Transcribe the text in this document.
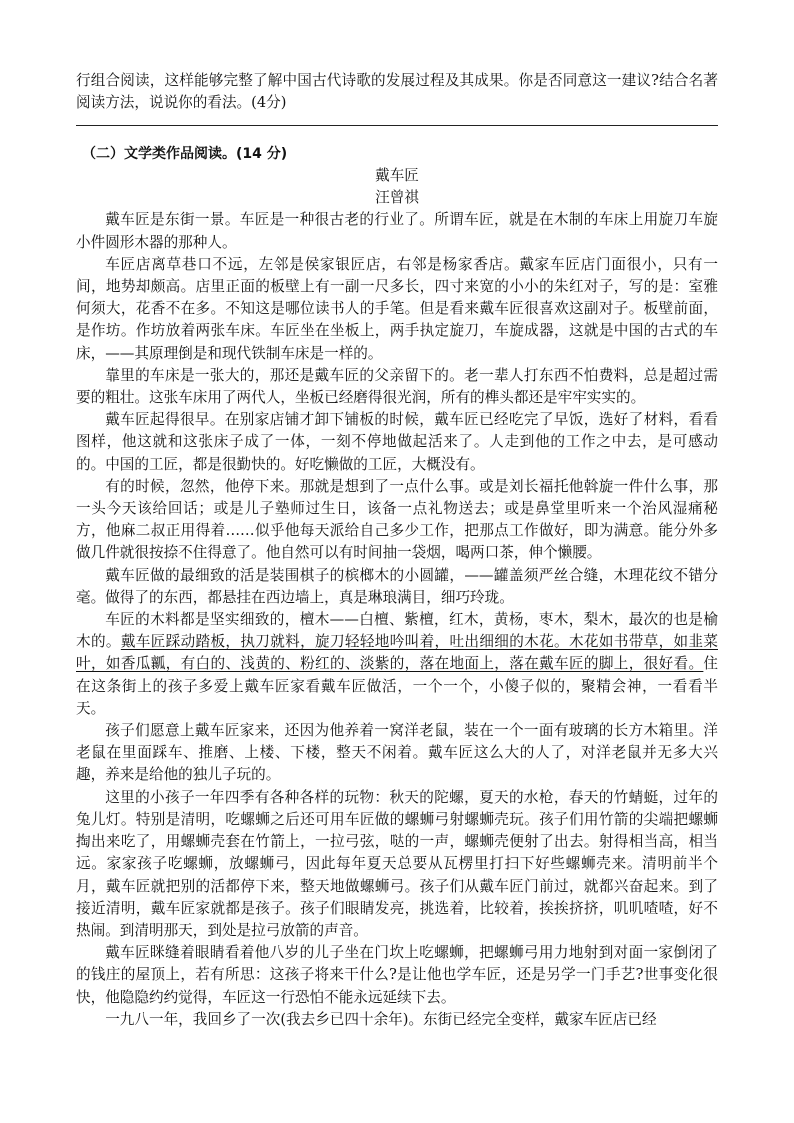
行组合阅读，这样能够完整了解中国古代诗歌的发展过程及其成果。你是否同意这一建议?结合名著阅读方法，说说你的看法。(4分)

（二）文学类作品阅读。(14 分)
戴车匠
汪曾祺

戴车匠是东街一景。车匠是一种很古老的行业了。所谓车匠，就是在木制的车床上用旋刀车旋小件圆形木器的那种人。

车匠店离草巷口不远，左邻是侯家银匠店，右邻是杨家香店。戴家车匠店门面很小，只有一间，地势却颇高。店里正面的板壁上有一副一尺多长，四寸来宽的小小的朱红对子，写的是：室雅何须大，花香不在多。不知这是哪位读书人的手笔。但是看来戴车匠很喜欢这副对子。板壁前面，是作坊。作坊放着两张车床。车匠坐在坐板上，两手执定旋刀，车旋成器，这就是中国的古式的车床，——其原理倒是和现代铁制车床是一样的。

靠里的车床是一张大的，那还是戴车匠的父亲留下的。老一辈人打东西不怕费料，总是超过需要的粗壮。这张车床用了两代人，坐板已经磨得很光润，所有的榫头都还是牢牢实实的。

戴车匠起得很早。在别家店铺才卸下铺板的时候，戴车匠已经吃完了早饭，选好了材料，看看图样，他这就和这张床子成了一体，一刻不停地做起活来了。人走到他的工作之中去，是可感动的。中国的工匠，都是很勤快的。好吃懒做的工匠，大概没有。

有的时候，忽然，他停下来。那就是想到了一点什么事。或是刘长福托他斡旋一件什么事，那一头今天该给回话；或是儿子塾师过生日，该备一点礼物送去；或是鼻堂里听来一个治风湿痛秘方，他麻二叔正用得着……似乎他每天派给自己多少工作，把那点工作做好，即为满意。能分外多做几件就很按捺不住得意了。他自然可以有时间抽一袋烟，喝两口茶，伸个懒腰。

戴车匠做的最细致的活是装围棋子的槟榔木的小圆罐，——罐盖须严丝合缝，木理花纹不错分毫。做得了的东西，都悬挂在西边墙上，真是琳琅满目，细巧玲珑。

车匠的木料都是坚实细致的，檀木——白檀、紫檀，红木，黄杨，枣木，梨木，最次的也是榆木的。戴车匠踩动踏板，执刀就料，旋刀轻轻地吟叫着，吐出细细的木花。木花如书带草，如韭菜叶，如香瓜瓤，有白的、浅黄的、粉红的、淡紫的，落在地面上，落在戴车匠的脚上，很好看。住在这条街上的孩子多爱上戴车匠家看戴车匠做活，一个一个，小傻子似的，聚精会神，一看看半天。

孩子们愿意上戴车匠家来，还因为他养着一窝洋老鼠，装在一个一面有玻璃的长方木箱里。洋老鼠在里面踩车、推磨、上楼、下楼，整天不闲着。戴车匠这么大的人了，对洋老鼠并无多大兴趣，养来是给他的独儿子玩的。

这里的小孩子一年四季有各种各样的玩物：秋天的陀螺，夏天的水枪，春天的竹蜻蜓，过年的兔儿灯。特别是清明，吃螺蛳之后还可用车匠做的螺蛳弓射螺蛳壳玩。孩子们用竹箭的尖端把螺蛳掏出来吃了，用螺蛳壳套在竹箭上，一拉弓弦，哒的一声，螺蛳壳便射了出去。射得相当高，相当远。家家孩子吃螺蛳，放螺蛳弓，因此每年夏天总要从瓦楞里打扫下好些螺蛳壳来。清明前半个月，戴车匠就把别的活都停下来，整天地做螺蛳弓。孩子们从戴车匠门前过，就都兴奋起来。到了接近清明，戴车匠家就都是孩子。孩子们眼睛发亮，挑选着，比较着，挨挨挤挤，叽叽喳喳，好不热闹。到清明那天，到处是拉弓放箭的声音。

戴车匠眯缝着眼睛看着他八岁的儿子坐在门坎上吃螺蛳，把螺蛳弓用力地射到对面一家倒闭了的钱庄的屋顶上，若有所思：这孩子将来干什么?是让他也学车匠，还是另学一门手艺?世事变化很快，他隐隐约约觉得，车匠这一行恐怕不能永远延续下去。

一九八一年，我回乡了一次(我去乡已四十余年)。东街已经完全变样，戴家车匠店已经
